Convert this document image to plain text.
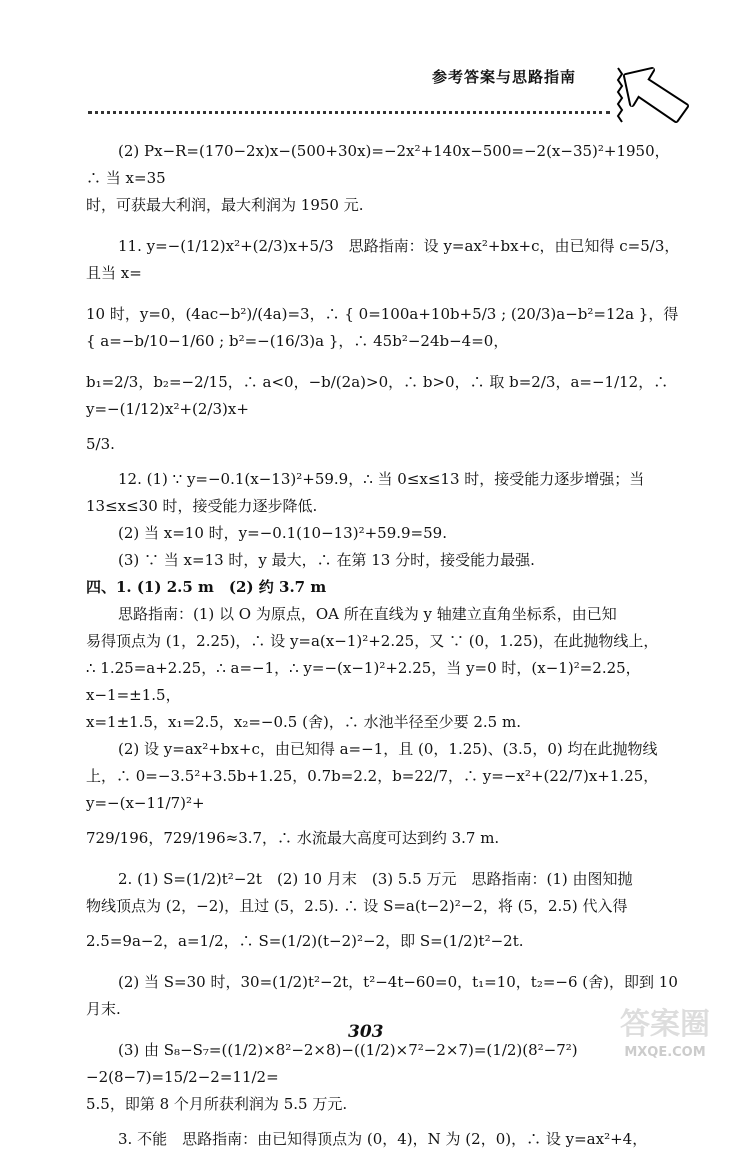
参考答案与思路指南

(2) Px−R=(170−2x)x−(500+30x)=−2x²+140x−500=−2(x−35)²+1950，∴ 当 x=35

时，可获最大利润，最大利润为 1950 元.

11. y=−(1/12)x²+(2/3)x+5/3　思路指南：设 y=ax²+bx+c，由已知得 c=5/3，且当 x=

10 时，y=0，(4ac−b²)/(4a)=3，∴ { 0=100a+10b+5/3 ; (20/3)a−b²=12a }，得 { a=−b/10−1/60 ; b²=−(16/3)a }，∴ 45b²−24b−4=0，

b₁=2/3，b₂=−2/15，∴ a<0，−b/(2a)>0，∴ b>0，∴ 取 b=2/3，a=−1/12，∴ y=−(1/12)x²+(2/3)x+

5/3.

12. (1) ∵ y=−0.1(x−13)²+59.9，∴ 当 0≤x≤13 时，接受能力逐步增强；当

13≤x≤30 时，接受能力逐步降低.

(2) 当 x=10 时，y=−0.1(10−13)²+59.9=59.

(3) ∵ 当 x=13 时，y 最大，∴ 在第 13 分时，接受能力最强.

四、1. (1) 2.5 m　(2) 约 3.7 m

思路指南：(1) 以 O 为原点，OA 所在直线为 y 轴建立直角坐标系，由已知

易得顶点为 (1，2.25)，∴ 设 y=a(x−1)²+2.25，又 ∵ (0，1.25)，在此抛物线上，

∴ 1.25=a+2.25，∴ a=−1，∴ y=−(x−1)²+2.25，当 y=0 时，(x−1)²=2.25，x−1=±1.5，

x=1±1.5，x₁=2.5，x₂=−0.5 (舍)，∴ 水池半径至少要 2.5 m.

(2) 设 y=ax²+bx+c，由已知得 a=−1，且 (0，1.25)、(3.5，0) 均在此抛物线

上，∴ 0=−3.5²+3.5b+1.25，0.7b=2.2，b=22/7，∴ y=−x²+(22/7)x+1.25，y=−(x−11/7)²+

729/196，729/196≈3.7，∴ 水流最大高度可达到约 3.7 m.

2. (1) S=(1/2)t²−2t　(2) 10 月末　(3) 5.5 万元　思路指南：(1) 由图知抛

物线顶点为 (2，−2)，且过 (5，2.5). ∴ 设 S=a(t−2)²−2，将 (5，2.5) 代入得

2.5=9a−2，a=1/2，∴ S=(1/2)(t−2)²−2，即 S=(1/2)t²−2t.

(2) 当 S=30 时，30=(1/2)t²−2t，t²−4t−60=0，t₁=10，t₂=−6 (舍)，即到 10 月末.

(3) 由 S₈−S₇=((1/2)×8²−2×8)−((1/2)×7²−2×7)=(1/2)(8²−7²)−2(8−7)=15/2−2=11/2=

5.5，即第 8 个月所获利润为 5.5 万元.

3. 不能　思路指南：由已知得顶点为 (0，4)，N 为 (2，0)，∴ 设 y=ax²+4，

303	答案圈
MXQE.COM
